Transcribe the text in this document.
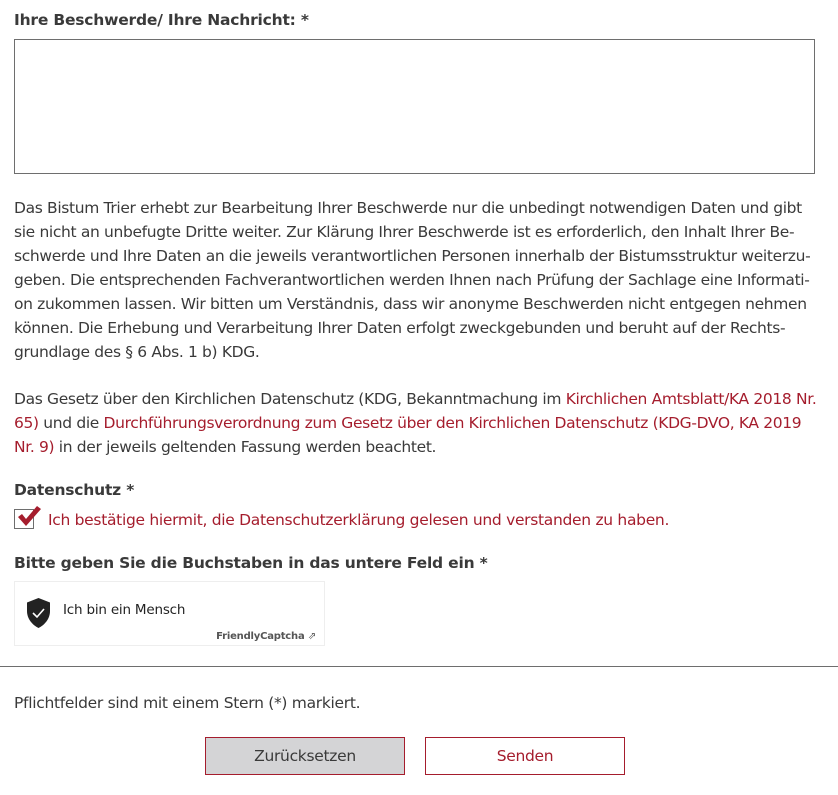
Ihre Beschwerde/ Ihre Nachricht: *

Das Bistum Trier erhebt zur Bearbeitung Ihrer Beschwerde nur die unbedingt notwendigen Daten und gibt
sie nicht an unbefugte Dritte weiter. Zur Klärung Ihrer Beschwerde ist es erforderlich, den Inhalt Ihrer Be-
schwerde und Ihre Daten an die jeweils verantwortlichen Personen innerhalb der Bistumsstruktur weiterzu-
geben. Die entsprechenden Fachverantwortlichen werden Ihnen nach Prüfung der Sachlage eine Informati-
on zukommen lassen. Wir bitten um Verständnis, dass wir anonyme Beschwerden nicht entgegen nehmen
können. Die Erhebung und Verarbeitung Ihrer Daten erfolgt zweckgebunden und beruht auf der Rechts-
grundlage des § 6 Abs. 1 b) KDG.

Das Gesetz über den Kirchlichen Datenschutz (KDG, Bekanntmachung im Kirchlichen Amtsblatt/KA 2018 Nr.
65) und die Durchführungsverordnung zum Gesetz über den Kirchlichen Datenschutz (KDG-DVO, KA 2019
Nr. 9) in der jeweils geltenden Fassung werden beachtet.

Datenschutz *
Ich bestätige hiermit, die Datenschutzerklärung gelesen und verstanden zu haben.
Bitte geben Sie die Buchstaben in das untere Feld ein *
Ich bin ein Mensch
FriendlyCaptcha ⇗
Pflichtfelder sind mit einem Stern (*) markiert.
Zurücksetzen	Senden
